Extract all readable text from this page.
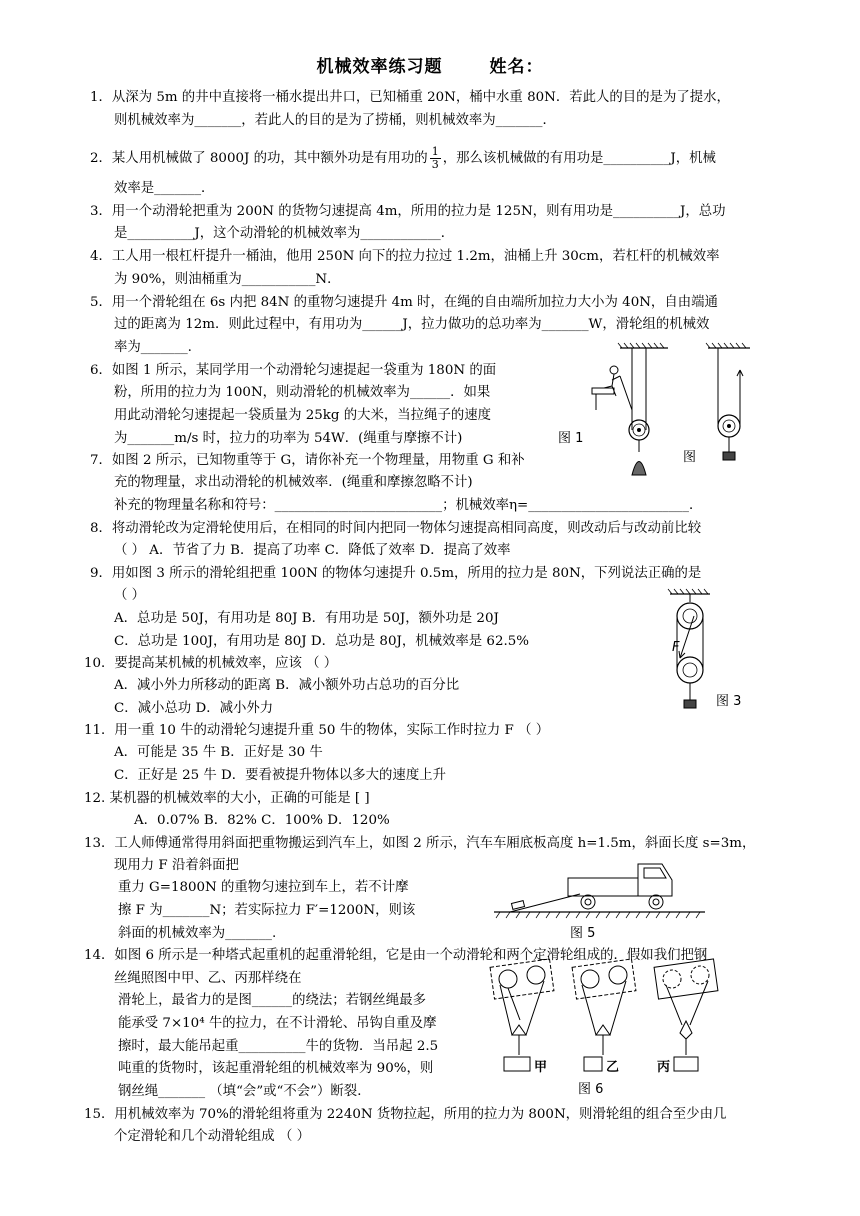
机械效率练习题	姓名：
1．从深为 5m 的井中直接将一桶水提出井口，已知桶重 20N，桶中水重 80N．若此人的目的是为了提水，
则机械效率为_______，若此人的目的是为了捞桶，则机械效率为_______．
2．某人用机械做了 8000J 的功，其中额外功是有用功的 $\frac{1}{3}$ ，那么该机械做的有用功是__________J，机械
效率是_______．
3．用一个动滑轮把重为 200N 的货物匀速提高 4m，所用的拉力是 125N，则有用功是__________J，总功
是__________J，这个动滑轮的机械效率为____________．
4．工人用一根杠杆提升一桶油，他用 250N 向下的拉力拉过 1.2m，油桶上升 30cm，若杠杆的机械效率
为 90%，则油桶重为___________N．
5．用一个滑轮组在 6s 内把 84N 的重物匀速提升 4m 时，在绳的自由端所加拉力大小为 40N，自由端通
过的距离为 12m．则此过程中，有用功为______J，拉力做功的总功率为_______W，滑轮组的机械效
率为_______.
6．如图 1 所示，某同学用一个动滑轮匀速提起一袋重为 180N 的面
粉，所用的拉力为 100N，则动滑轮的机械效率为______．如果
用此动滑轮匀速提起一袋质量为 25kg 的大米，当拉绳子的速度
为_______m/s 时，拉力的功率为 54W．(绳重与摩擦不计)
7．如图 2 所示，已知物重等于 G，请你补充一个物理量，用物重 G 和补
充的物理量，求出动滑轮的机械效率．(绳重和摩擦忽略不计)
补充的物理量名称和符号：_________________________；机械效率η=________________________．
8．将动滑轮改为定滑轮使用后，在相同的时间内把同一物体匀速提高相同高度，则改动后与改动前比较
（ ） A．节省了力 B．提高了功率 C．降低了效率 D．提高了效率
9．用如图 3 所示的滑轮组把重 100N 的物体匀速提升 0.5m，所用的拉力是 80N，下列说法正确的是
（ ）
A．总功是 50J，有用功是 80J B．有用功是 50J，额外功是 20J
C．总功是 100J，有用功是 80J D．总功是 80J，机械效率是 62.5%
10．要提高某机械的机械效率，应该 （ ）
A．减小外力所移动的距离 B．减小额外功占总功的百分比
C．减小总功 D．减小外力
11．用一重 10 牛的动滑轮匀速提升重 50 牛的物体，实际工作时拉力 F （ ）
A．可能是 35 牛 B．正好是 30 牛
C．正好是 25 牛 D．要看被提升物体以多大的速度上升
12. 某机器的机械效率的大小，正确的可能是 [ ]
A．0.07% B．82% C．100% D．120%
13．工人师傅通常得用斜面把重物搬运到汽车上，如图 2 所示，汽车车厢底板高度 h=1.5m，斜面长度 s=3m，
现用力 F 沿着斜面把
重力 G=1800N 的重物匀速拉到车上，若不计摩
擦 F 为_______N；若实际拉力 F′=1200N，则该
斜面的机械效率为_______.
14．如图 6 所示是一种塔式起重机的起重滑轮组，它是由一个动滑轮和两个定滑轮组成的．假如我们把钢
丝绳照图中甲、乙、丙那样绕在
滑轮上，最省力的是图______的绕法；若钢丝绳最多
能承受 7×10⁴ 牛的拉力，在不计滑轮、吊钩自重及摩
擦时，最大能吊起重__________牛的货物．当吊起 2.5
吨重的货物时，该起重滑轮组的机械效率为 90%，则
钢丝绳_______ （填“会”或“不会”）断裂．
15．用机械效率为 70%的滑轮组将重为 2240N 货物拉起，所用的拉力为 800N，则滑轮组的组合至少由几
个定滑轮和几个动滑轮组成 （ ）
图 1
图
F
图 3
图 5
甲	乙	丙
图 6
